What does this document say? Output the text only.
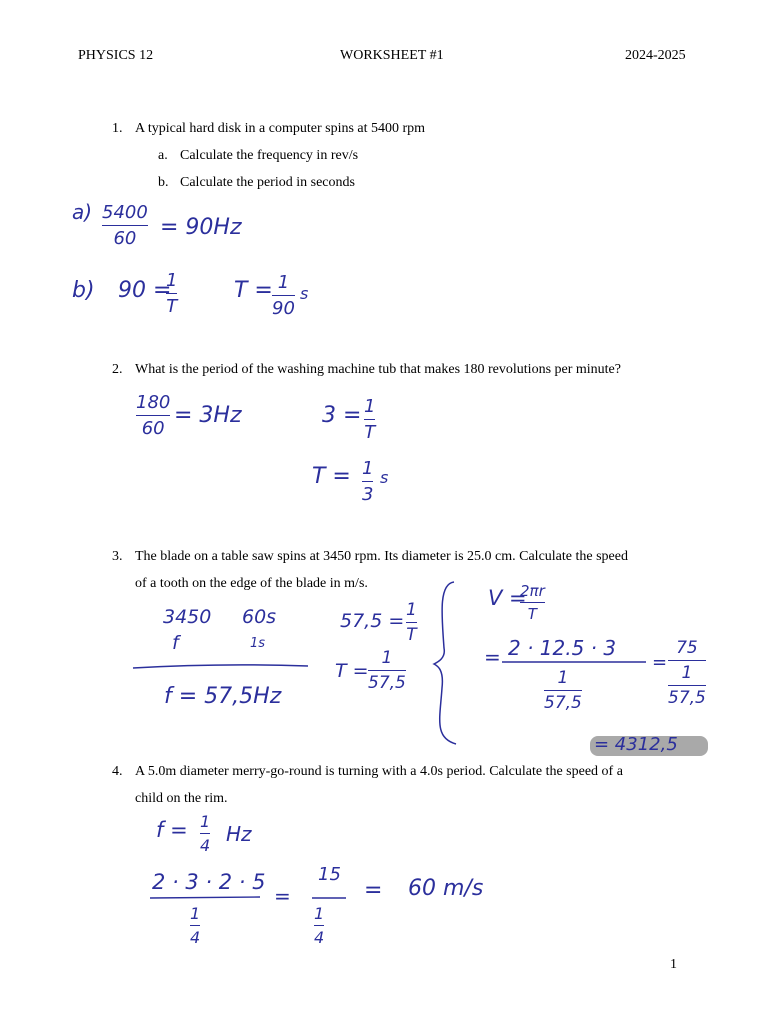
PHYSICS 12	WORKSHEET #1	2024-2025
1. A typical hard disk in a computer spins at 5400 rpm
a. Calculate the frequency in rev/s
b. Calculate the period in seconds
a) 5400
60 = 90Hz
b) 90 =
1
T
T = 1
90
s
2. What is the period of the washing machine tub that makes 180 revolutions per minute?
180
60
= 3Hz	3 = 1
T
T = 1
3
s
3. The blade on a table saw spins at 3450 rpm. Its diameter is 25.0 cm. Calculate the speed
of a tooth on the edge of the blade in m/s.
3450 60s
f	1s
f = 57,5Hz
57,5 = 1
T
T =
1
57,5
V =
2πr
T
= 2 · 12.5 · 3
1
57,5
=
75
1
57,5
= 4312,5
4. A 5.0m diameter merry-go-round is turning with a 4.0s period. Calculate the speed of a
child on the rim.
f = 1
4 Hz
2 · 3 · 2 · 5
1
4
=
15
1
4
= 60 m/s
1
